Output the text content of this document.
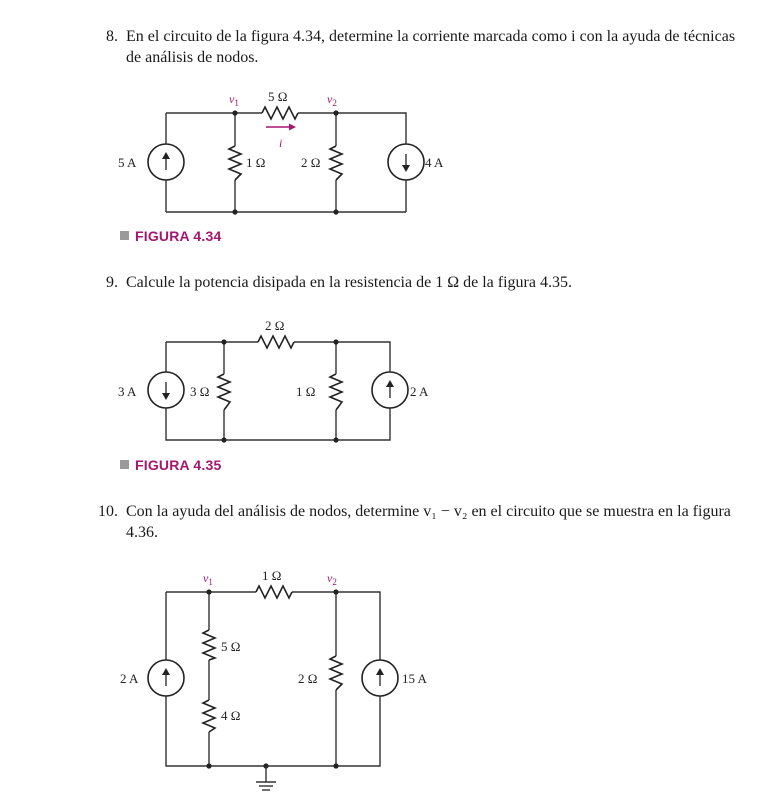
8. En el circuito de la figura 4.34, determine la corriente marcada como i con la ayuda de técnicas de análisis de nodos.
$v_1$	$v_2$
5 Ω
i
1 Ω	2 Ω
5 A	4 A
FIGURA 4.34
9. Calcule la potencia disipada en la resistencia de 1 Ω de la figura 4.35.
2 Ω
3 Ω	1 Ω
3 A	2 A
FIGURA 4.35
10. Con la ayuda del análisis de nodos, determine v₁ − v₂ en el circuito que se muestra en la figura 4.36.
$v_1$	$v_2$
1 Ω
5 Ω
4 Ω
2 Ω
2 A	15 A
